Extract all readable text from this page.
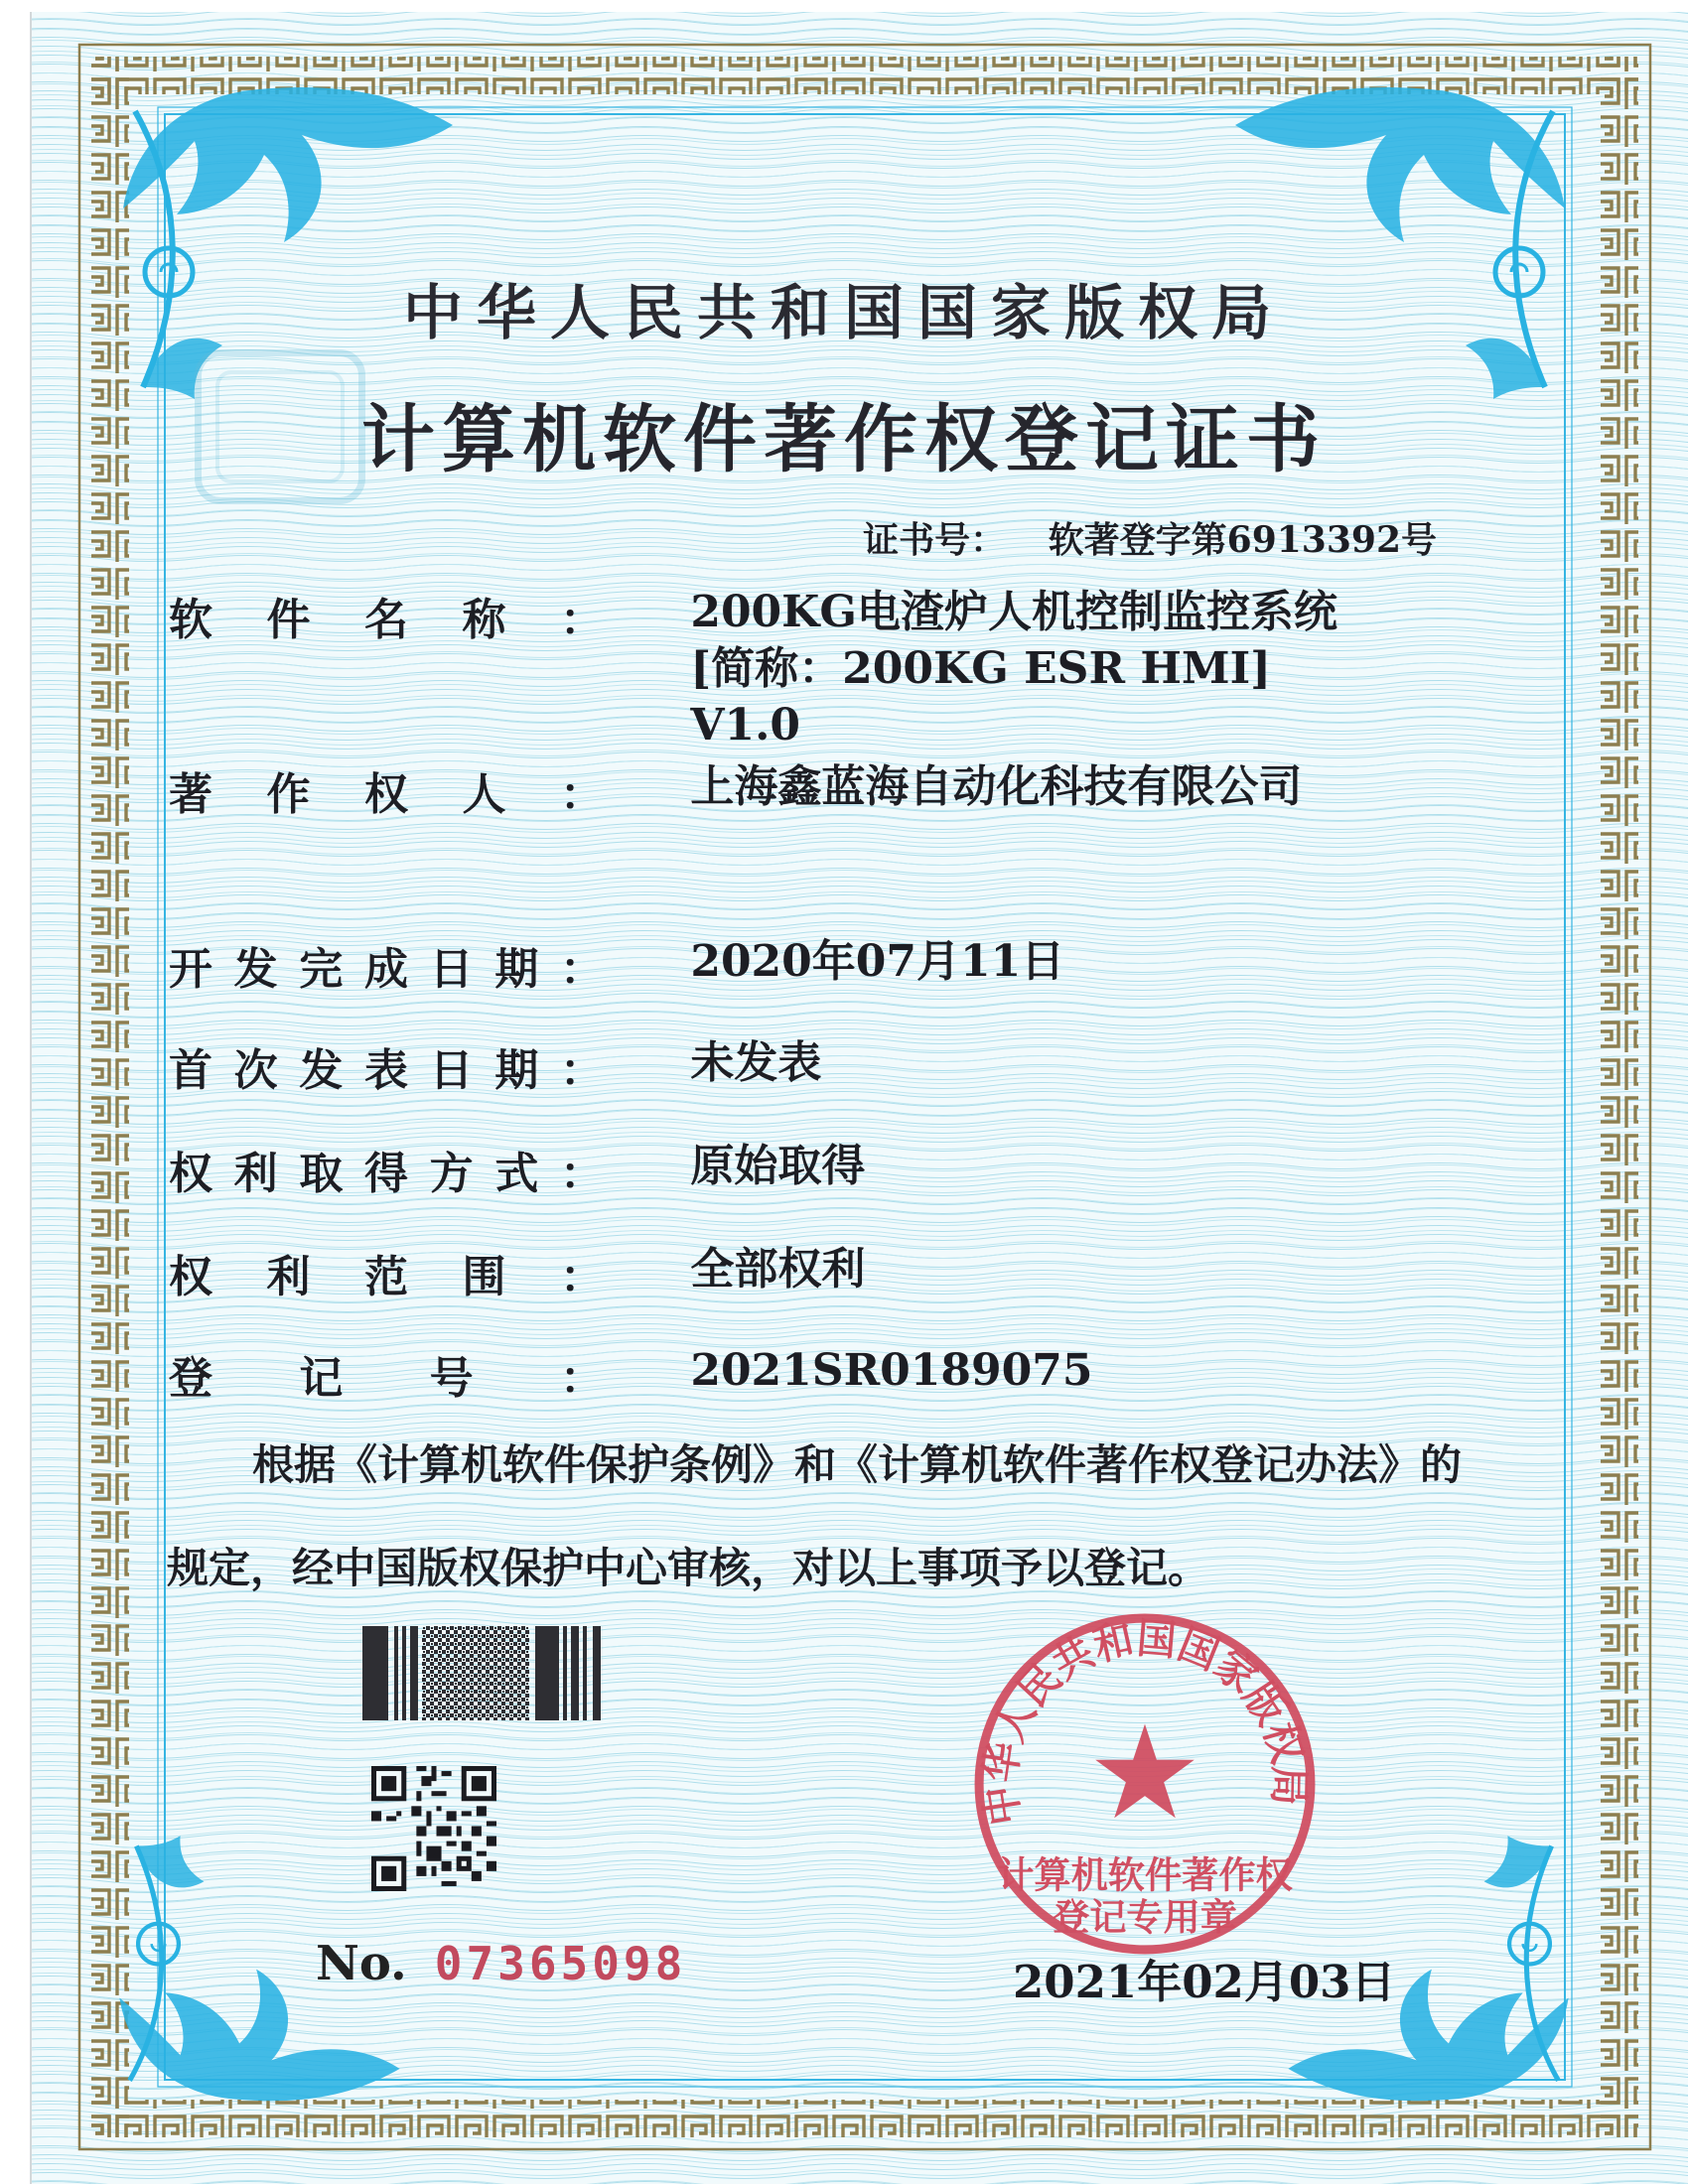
中华人民共和国国家版权局
计算机软件著作权登记证书
证书号： 软著登字第6913392号
软件名称： 200KG电渣炉人机控制监控系统
[简称：200KG ESR HMI]
V1.0
著作权人： 上海鑫蓝海自动化科技有限公司
开发完成日期： 2020年07月11日
首次发表日期： 未发表
权利取得方式： 原始取得
权利范围： 全部权利
登记号： 2021SR0189075
根据《计算机软件保护条例》和《计算机软件著作权登记办法》的
规定，经中国版权保护中心审核，对以上事项予以登记。
No. 07365098
中华人民共和国国家版权局
计算机软件著作权
登记专用章
2021年02月03日
